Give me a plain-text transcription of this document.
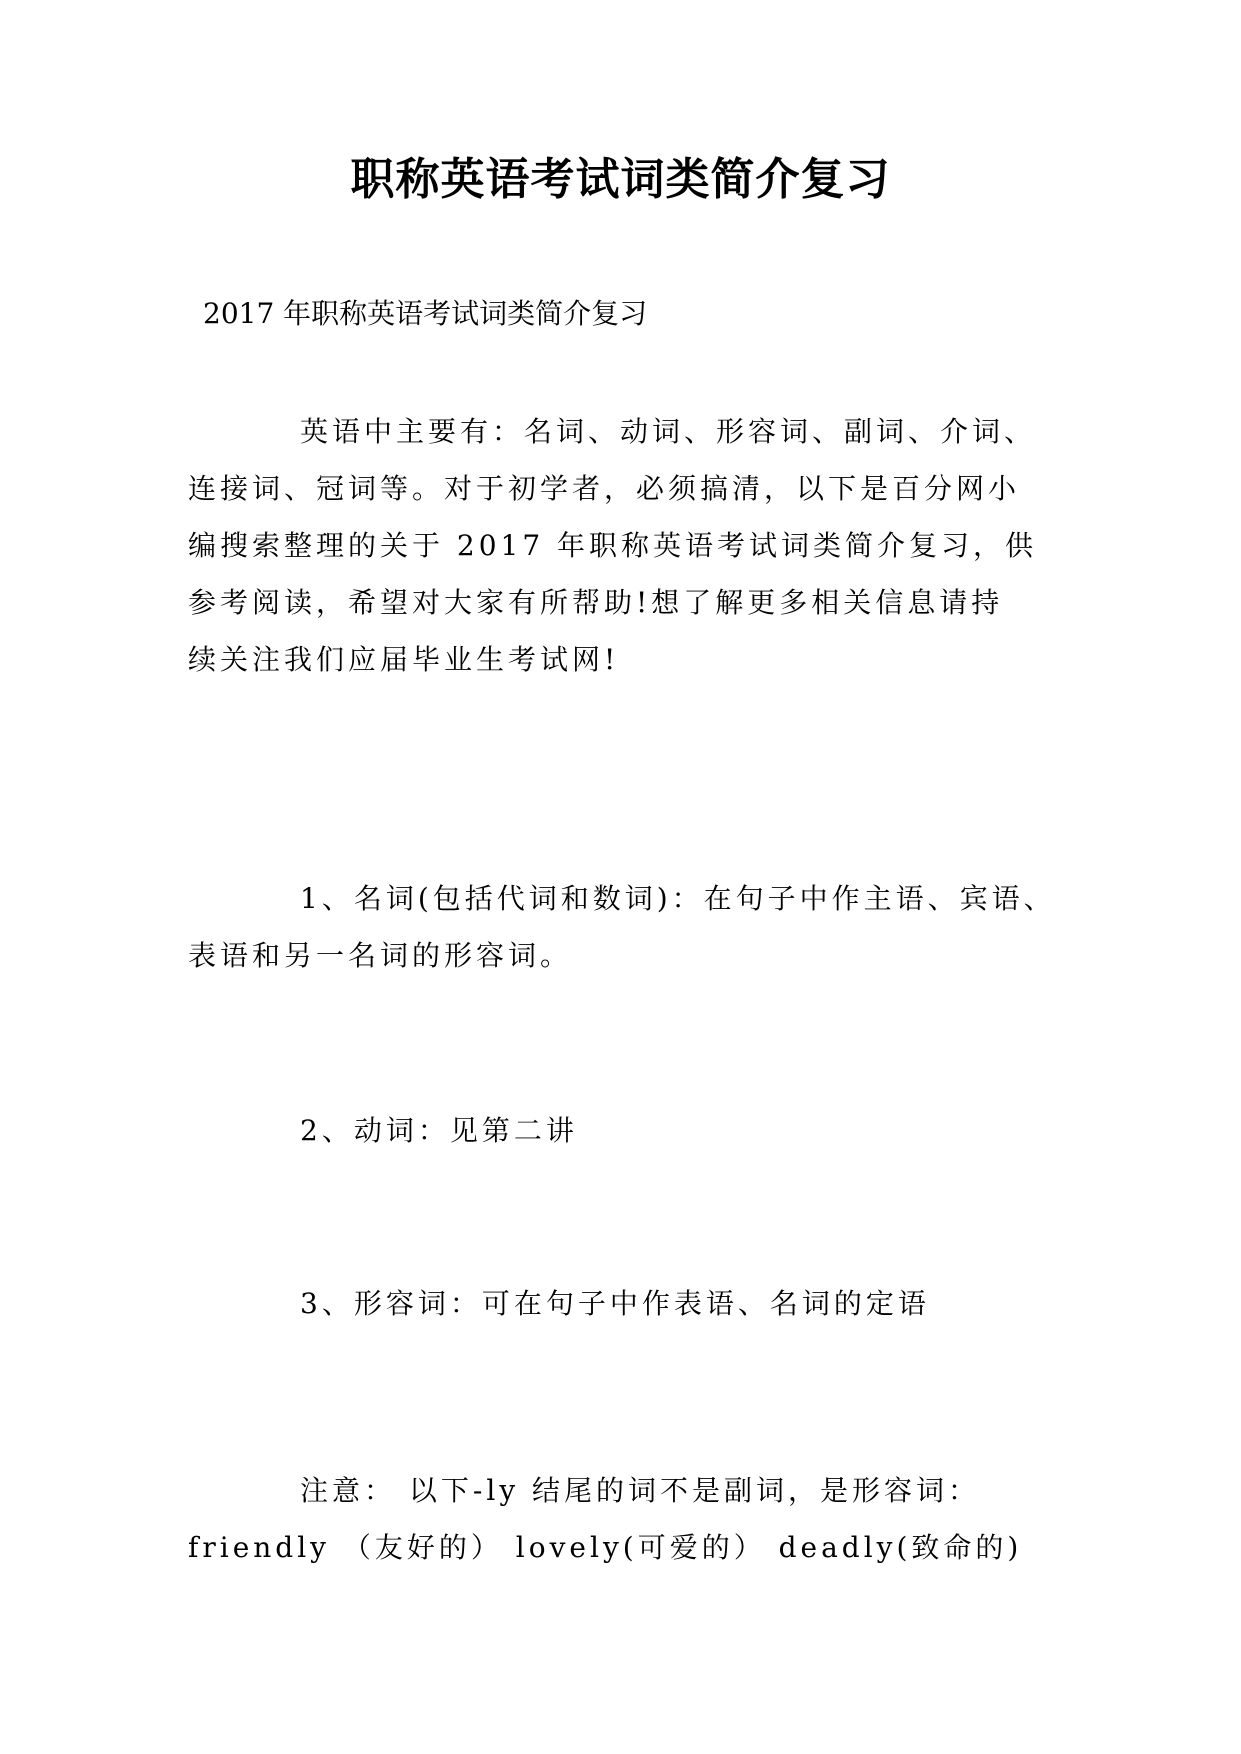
职称英语考试词类简介复习
2017 年职称英语考试词类简介复习
英语中主要有：名词、动词、形容词、副词、介词、
连接词、冠词等。对于初学者，必须搞清，以下是百分网小
编搜索整理的关于 2017 年职称英语考试词类简介复习，供
参考阅读，希望对大家有所帮助!想了解更多相关信息请持
续关注我们应届毕业生考试网!
1、名词(包括代词和数词)：在句子中作主语、宾语、
表语和另一名词的形容词。
2、动词：见第二讲
3、形容词：可在句子中作表语、名词的定语
注意： 以下-ly 结尾的词不是副词，是形容词：
friendly （友好的） lovely(可爱的） deadly(致命的)
